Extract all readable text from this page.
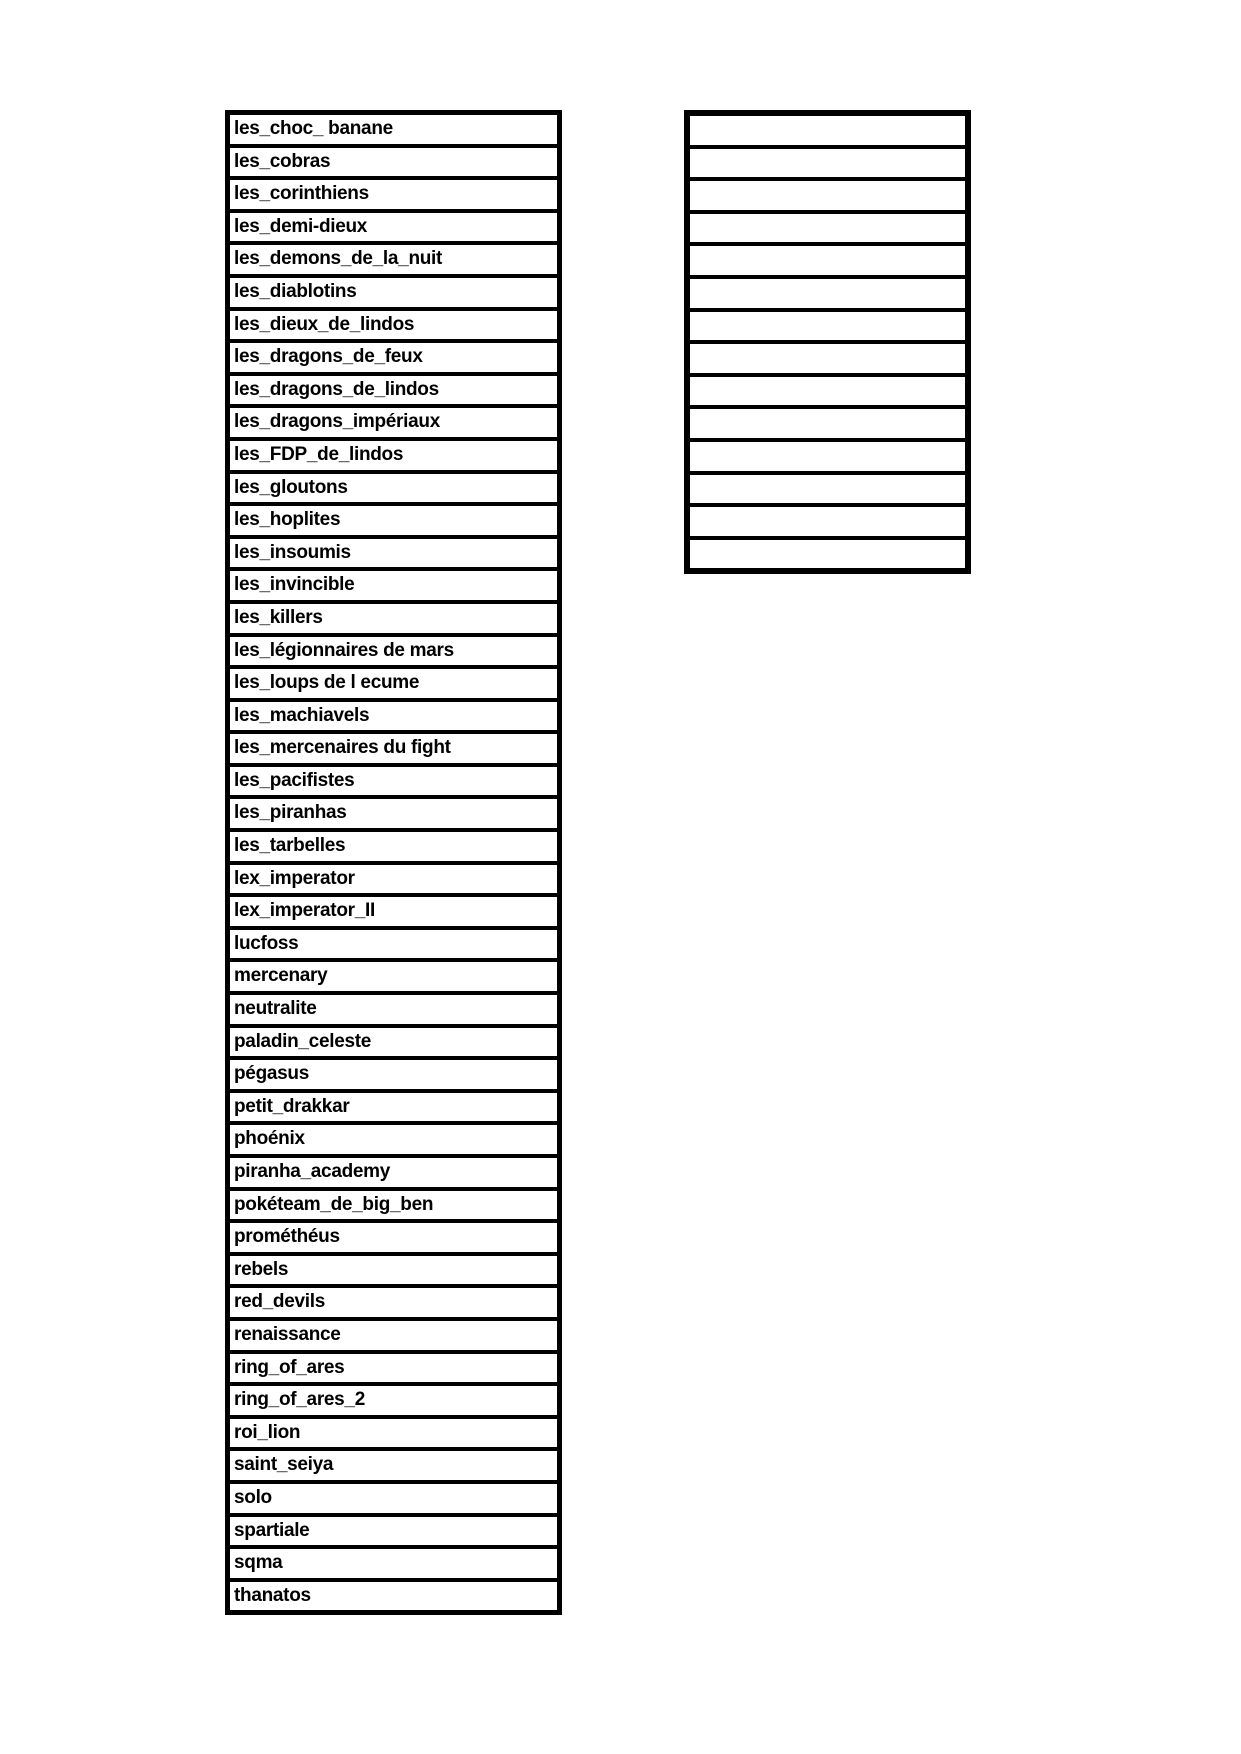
les_choc_ banane
les_cobras
les_corinthiens
les_demi-dieux
les_demons_de_la_nuit
les_diablotins
les_dieux_de_lindos
les_dragons_de_feux
les_dragons_de_lindos
les_dragons_impériaux
les_FDP_de_lindos
les_gloutons
les_hoplites
les_insoumis
les_invincible
les_killers
les_légionnaires de mars
les_loups de l ecume
les_machiavels
les_mercenaires du fight
les_pacifistes
les_piranhas
les_tarbelles
lex_imperator
lex_imperator_II
lucfoss
mercenary
neutralite
paladin_celeste
pégasus
petit_drakkar
phoénix
piranha_academy
pokéteam_de_big_ben
prométhéus
rebels
red_devils
renaissance
ring_of_ares
ring_of_ares_2
roi_lion
saint_seiya
solo
spartiale
sqma
thanatos
